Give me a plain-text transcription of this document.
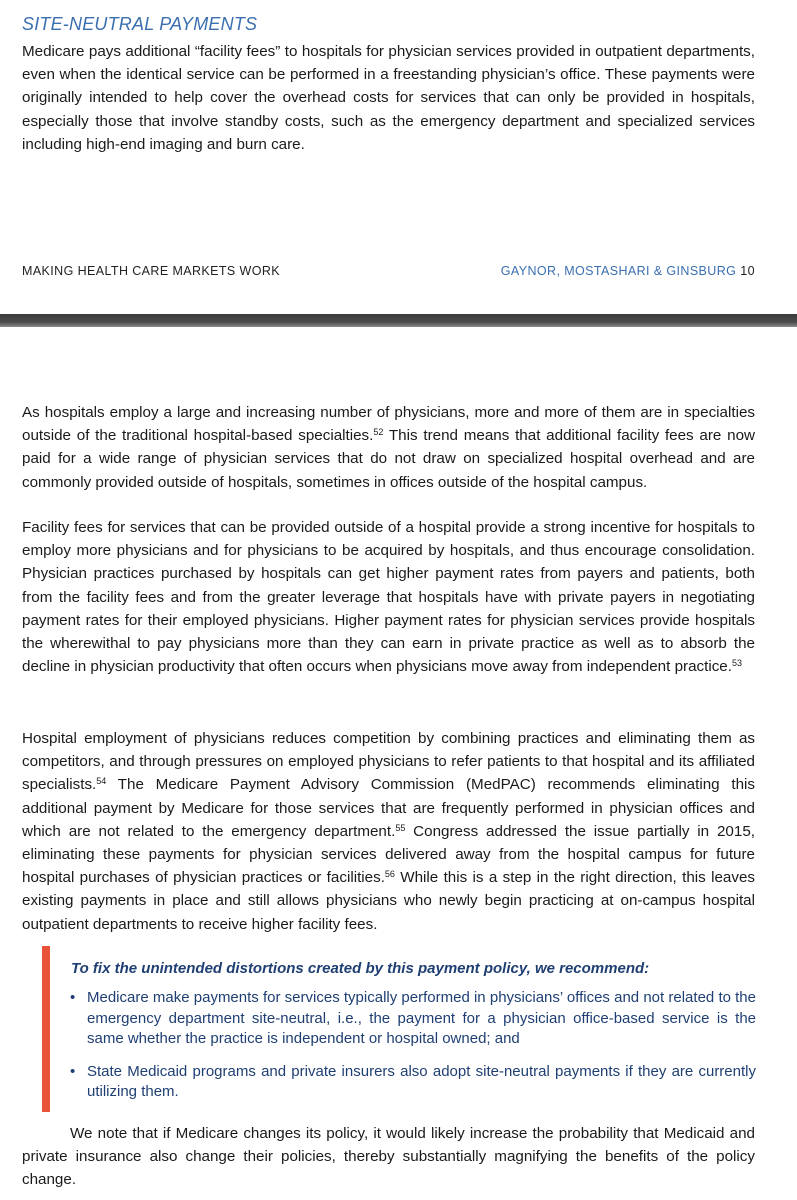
SITE-NEUTRAL PAYMENTS

Medicare pays additional “facility fees” to hospitals for physician services provided in outpatient departments, even when the identical service can be performed in a freestanding physician’s office. These payments were originally intended to help cover the overhead costs for services that can only be provided in hospitals, especially those that involve standby costs, such as the emergency department and specialized services including high-end imaging and burn care.

MAKING HEALTH CARE MARKETS WORK	GAYNOR, MOSTASHARI & GINSBURG 10

As hospitals employ a large and increasing number of physicians, more and more of them are in specialties outside of the traditional hospital-based specialties.$^{52}$ This trend means that additional facility fees are now paid for a wide range of physician services that do not draw on specialized hospital overhead and are commonly provided outside of hospitals, sometimes in offices outside of the hospital campus.

Facility fees for services that can be provided outside of a hospital provide a strong incentive for hospitals to employ more physicians and for physicians to be acquired by hospitals, and thus encourage consolidation. Physician practices purchased by hospitals can get higher payment rates from payers and patients, both from the facility fees and from the greater leverage that hospitals have with private payers in negotiating payment rates for their employed physicians. Higher payment rates for physician services provide hospitals the wherewithal to pay physicians more than they can earn in private practice as well as to absorb the decline in physician productivity that often occurs when physicians move away from independent practice.$^{53}$

Hospital employment of physicians reduces competition by combining practices and eliminating them as competitors, and through pressures on employed physicians to refer patients to that hospital and its affiliated specialists.$^{54}$ The Medicare Payment Advisory Commission (MedPAC) recommends eliminating this additional payment by Medicare for those services that are frequently performed in physician offices and which are not related to the emergency department.$^{55}$ Congress addressed the issue partially in 2015, eliminating these payments for physician services delivered away from the hospital campus for future hospital purchases of physician practices or facilities.$^{56}$ While this is a step in the right direction, this leaves existing payments in place and still allows physicians who newly begin practicing at on-campus hospital outpatient departments to receive higher facility fees.

To fix the unintended distortions created by this payment policy, we recommend:

• Medicare make payments for services typically performed in physicians’ offices and not related to the emergency department site-neutral, i.e., the payment for a physician office-based service is the same whether the practice is independent or hospital owned; and
• State Medicaid programs and private insurers also adopt site-neutral payments if they are currently utilizing them.

We note that if Medicare changes its policy, it would likely increase the probability that Medicaid and private insurance also change their policies, thereby substantially magnifying the benefits of the policy change.
